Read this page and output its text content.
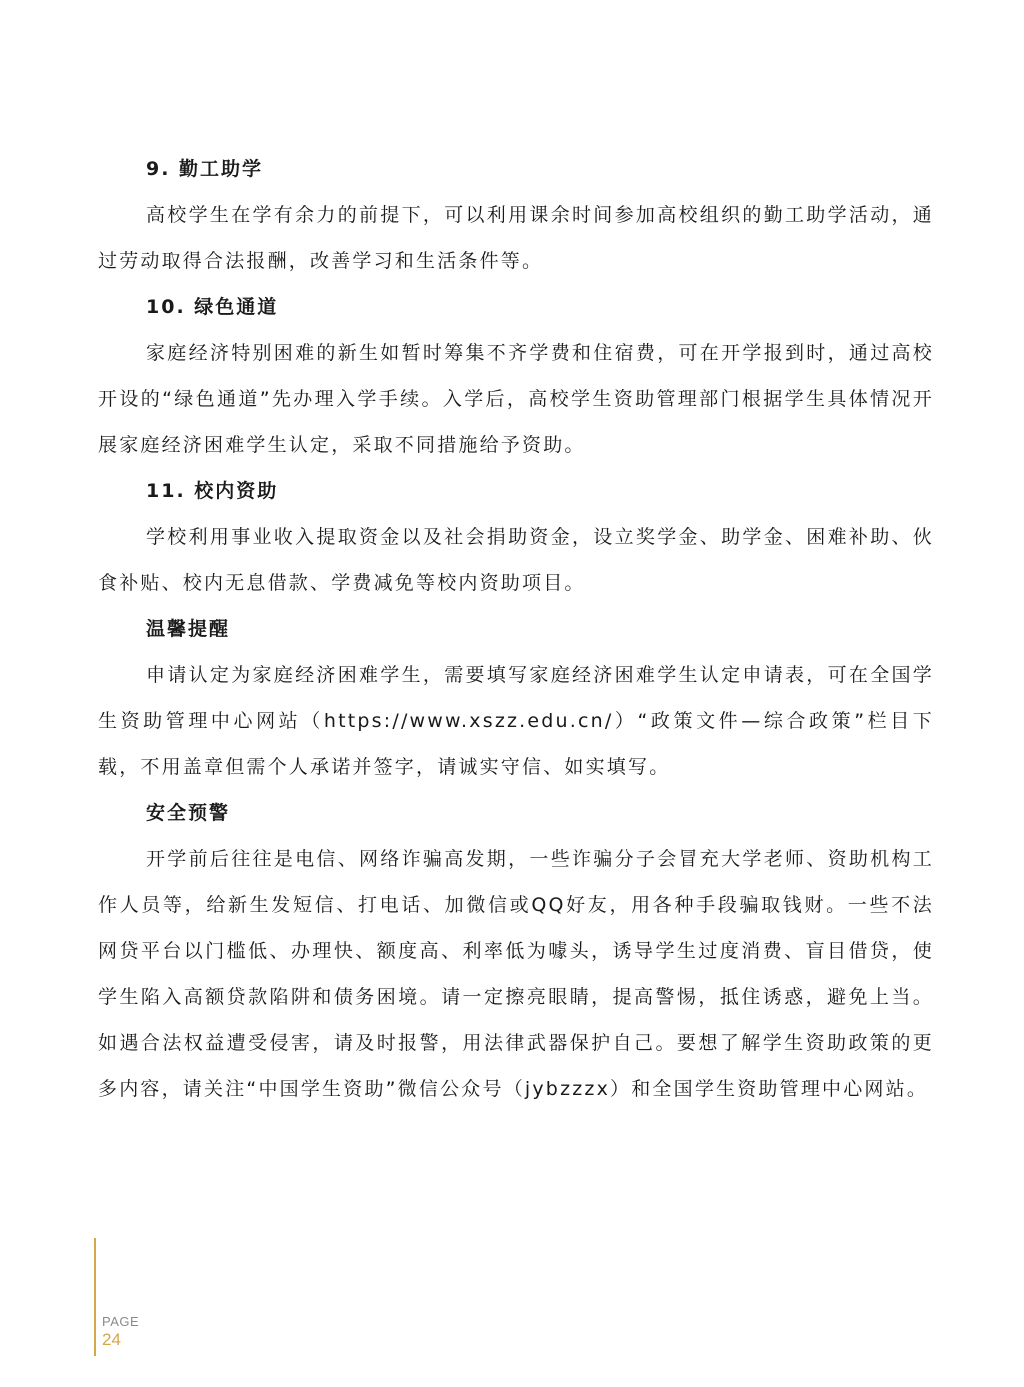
9. 勤工助学

高校学生在学有余力的前提下，可以利用课余时间参加高校组织的勤工助学活动，通过劳动取得合法报酬，改善学习和生活条件等。

10. 绿色通道

家庭经济特别困难的新生如暂时筹集不齐学费和住宿费，可在开学报到时，通过高校开设的“绿色通道”先办理入学手续。入学后，高校学生资助管理部门根据学生具体情况开展家庭经济困难学生认定，采取不同措施给予资助。

11. 校内资助

学校利用事业收入提取资金以及社会捐助资金，设立奖学金、助学金、困难补助、伙食补贴、校内无息借款、学费减免等校内资助项目。

温馨提醒

申请认定为家庭经济困难学生，需要填写家庭经济困难学生认定申请表，可在全国学生资助管理中心网站（https://www.xszz.edu.cn/）“政策文件—综合政策”栏目下载，不用盖章但需个人承诺并签字，请诚实守信、如实填写。

安全预警

开学前后往往是电信、网络诈骗高发期，一些诈骗分子会冒充大学老师、资助机构工作人员等，给新生发短信、打电话、加微信或QQ好友，用各种手段骗取钱财。一些不法网贷平台以门槛低、办理快、额度高、利率低为噱头，诱导学生过度消费、盲目借贷，使学生陷入高额贷款陷阱和债务困境。请一定擦亮眼睛，提高警惕，抵住诱惑，避免上当。如遇合法权益遭受侵害，请及时报警，用法律武器保护自己。要想了解学生资助政策的更多内容，请关注“中国学生资助”微信公众号（jybzzzx）和全国学生资助管理中心网站。

PAGE
24
